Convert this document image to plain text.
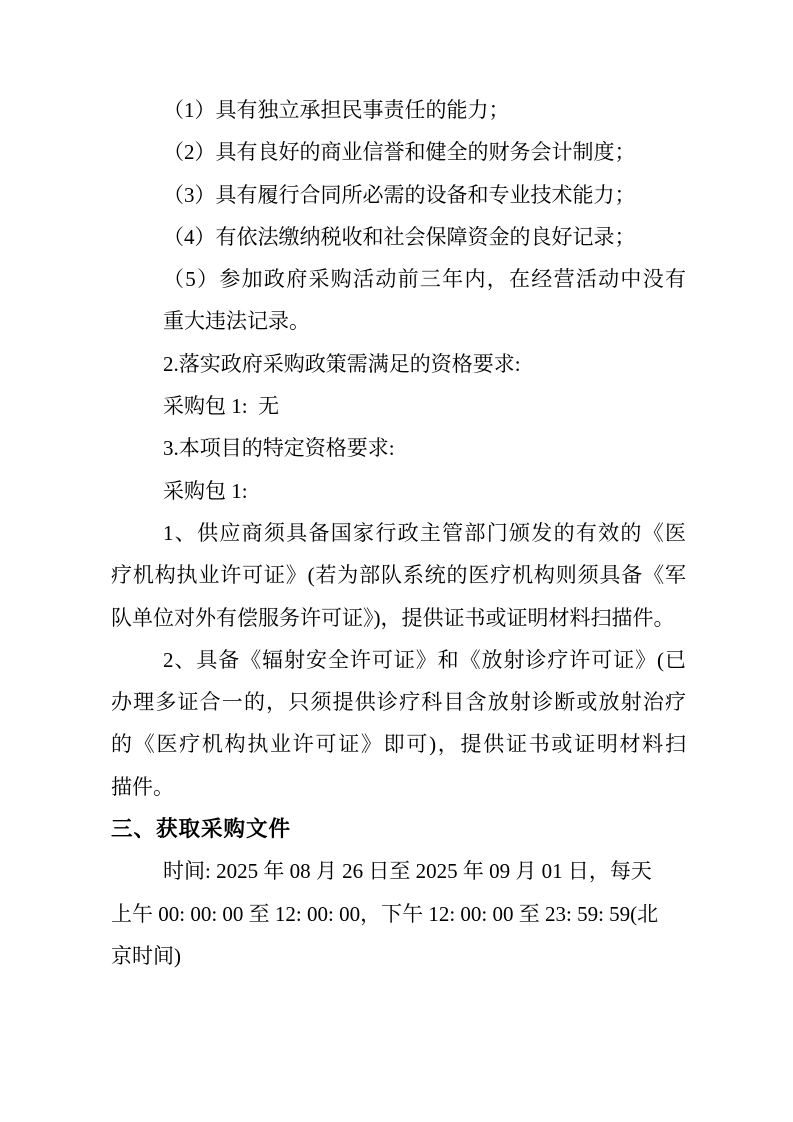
（1）具有独立承担民事责任的能力；
（2）具有良好的商业信誉和健全的财务会计制度；
（3）具有履行合同所必需的设备和专业技术能力；
（4）有依法缴纳税收和社会保障资金的良好记录；
（5）参加政府采购活动前三年内，在经营活动中没有
重大违法记录。
2.落实政府采购政策需满足的资格要求:
采购包 1:  无
3.本项目的特定资格要求:
采购包 1:
1、供应商须具备国家行政主管部门颁发的有效的《医
疗机构执业许可证》(若为部队系统的医疗机构则须具备《军
队单位对外有偿服务许可证》)，提供证书或证明材料扫描件。
2、具备《辐射安全许可证》和《放射诊疗许可证》(已
办理多证合一的，只须提供诊疗科目含放射诊断或放射治疗
的《医疗机构执业许可证》即可)，提供证书或证明材料扫
描件。
三、获取采购文件
时间: 2025 年 08 月 26 日至 2025 年 09 月 01 日，每天
上午 00: 00: 00 至 12: 00: 00，下午 12: 00: 00 至 23: 59: 59(北
京时间)
